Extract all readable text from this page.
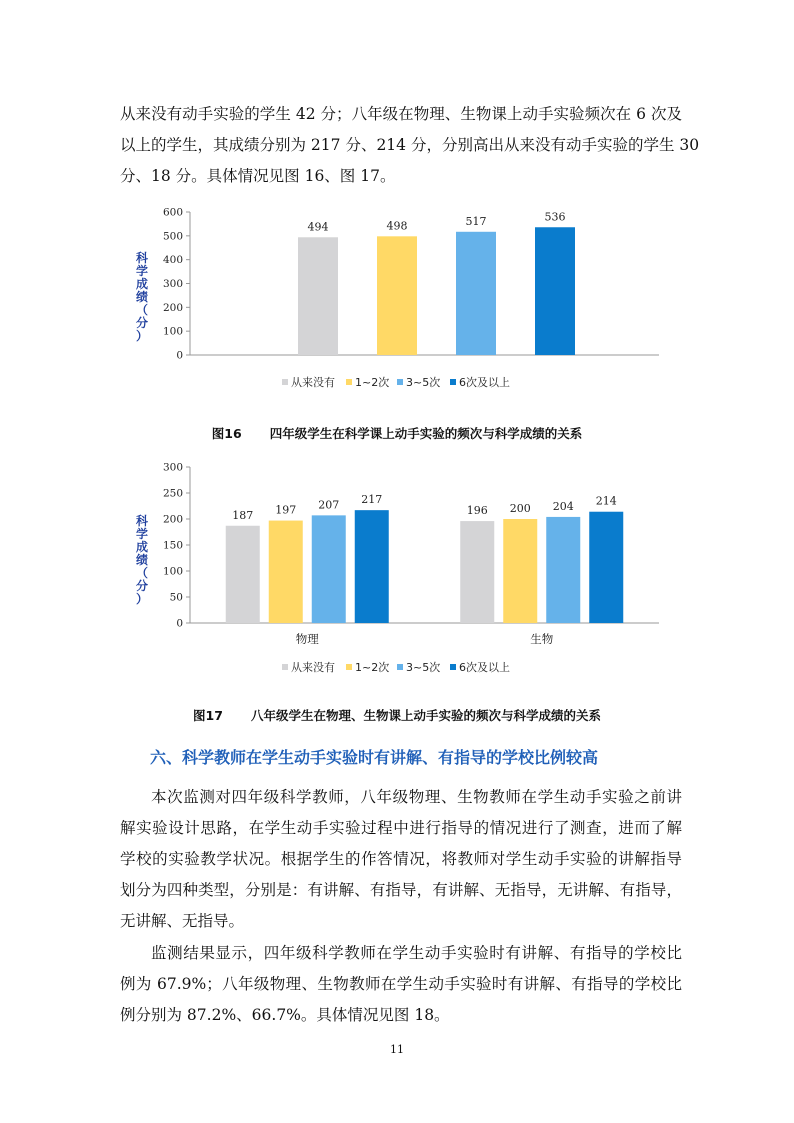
从来没有动手实验的学生 42 分；八年级在物理、生物课上动手实验频次在 6 次及
以上的学生，其成绩分别为 217 分、214 分，分别高出从来没有动手实验的学生 30
分、18 分。具体情况见图 16、图 17。
科
学
成
绩
（
分
）
0
100
200
300
400
500
600
494	498	517	536
从来没有 1~2次 3~5次 6次及以上
图16 四年级学生在科学课上动手实验的频次与科学成绩的关系
科
学
成
绩
（
分
）
0
50
100
150
200
250
300
187 197 207 217
物理
196 200 204 214
生物
从来没有 1~2次 3~5次 6次及以上
图17 八年级学生在物理、生物课上动手实验的频次与科学成绩的关系
六、科学教师在学生动手实验时有讲解、有指导的学校比例较高
本次监测对四年级科学教师，八年级物理、生物教师在学生动手实验之前讲
解实验设计思路，在学生动手实验过程中进行指导的情况进行了测查，进而了解
学校的实验教学状况。根据学生的作答情况，将教师对学生动手实验的讲解指导
划分为四种类型，分别是：有讲解、有指导，有讲解、无指导，无讲解、有指导，
无讲解、无指导。
监测结果显示，四年级科学教师在学生动手实验时有讲解、有指导的学校比
例为 67.9%；八年级物理、生物教师在学生动手实验时有讲解、有指导的学校比
例分别为 87.2%、66.7%。具体情况见图 18。
11
